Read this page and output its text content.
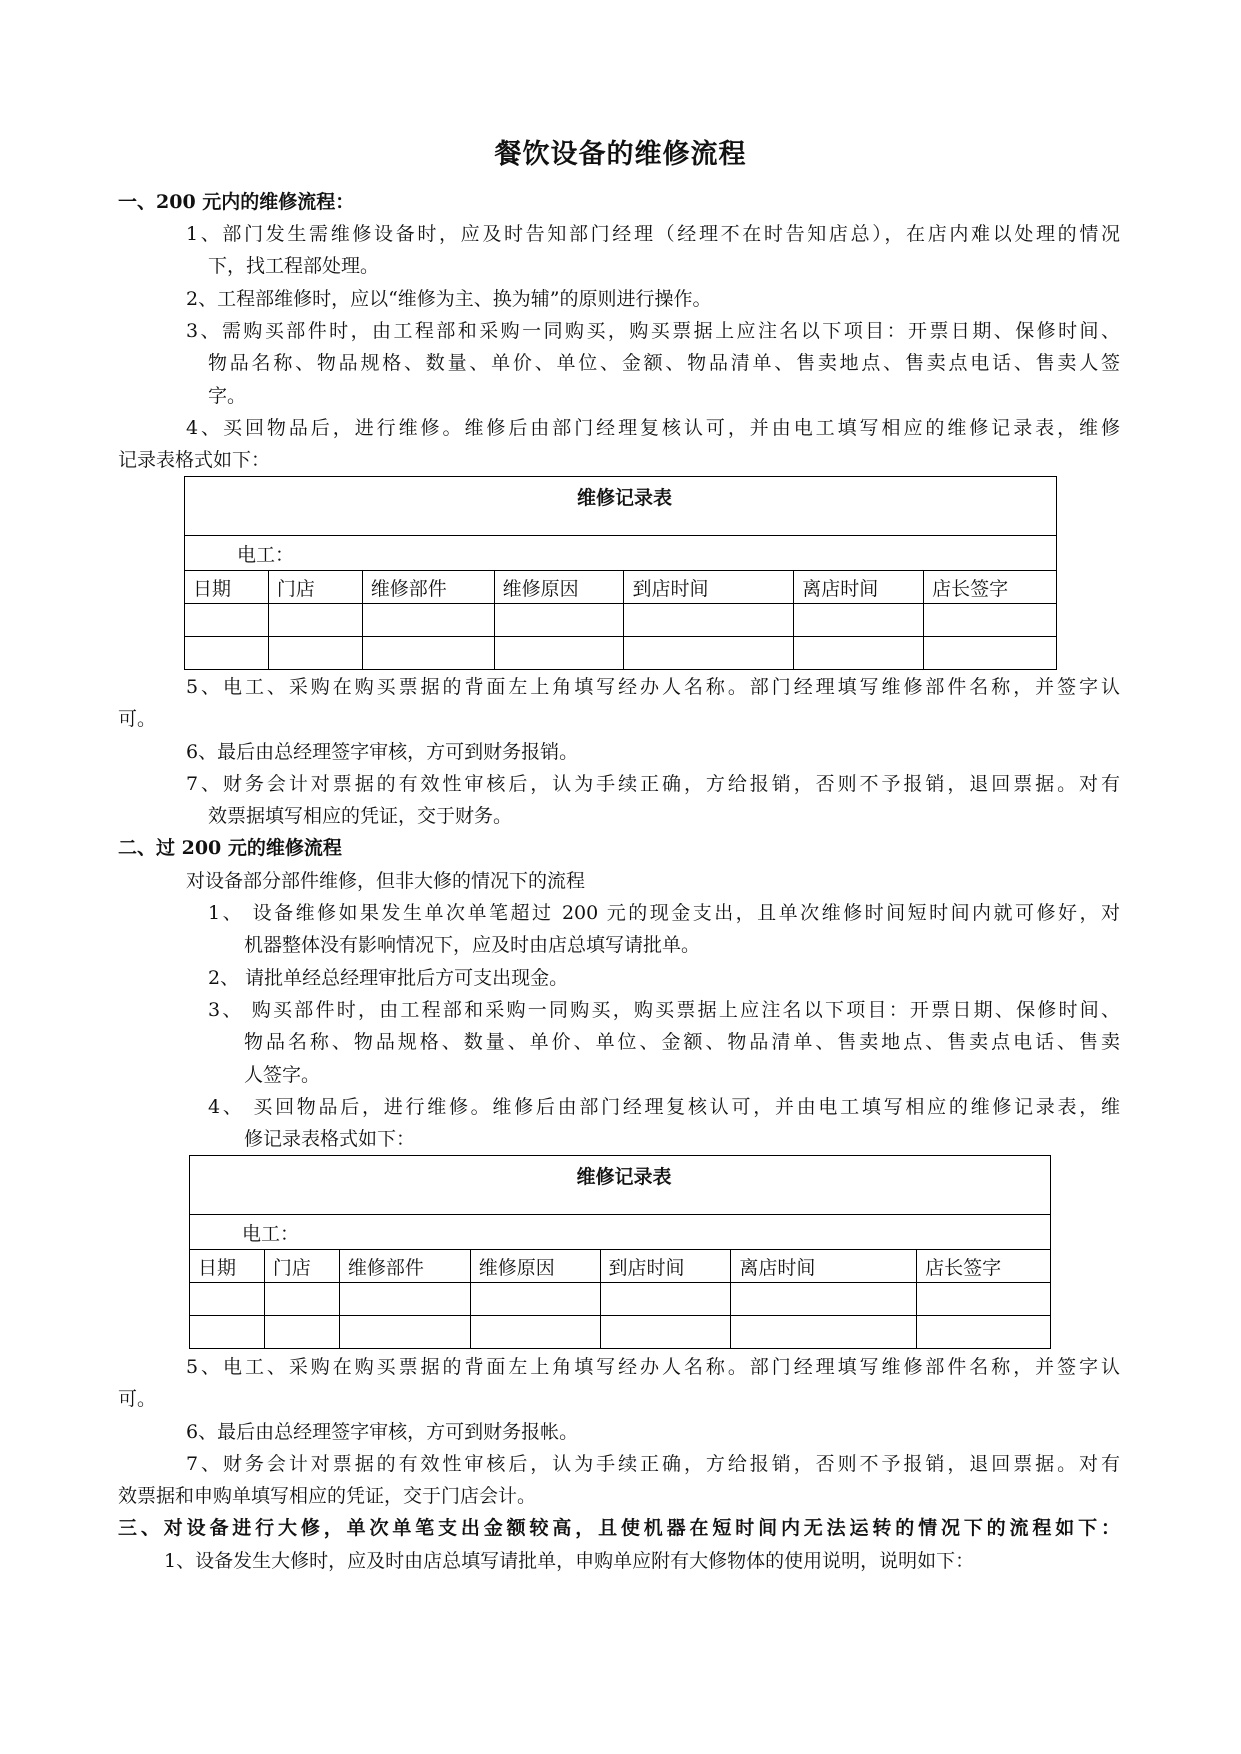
餐饮设备的维修流程
一、200 元内的维修流程：
1、部门发生需维修设备时，应及时告知部门经理（经理不在时告知店总），在店内难以处理的情况
下，找工程部处理。
2、工程部维修时，应以“维修为主、换为辅”的原则进行操作。
3、需购买部件时，由工程部和采购一同购买，购买票据上应注名以下项目：开票日期、保修时间、
物品名称、物品规格、数量、单价、单位、金额、物品清单、售卖地点、售卖点电话、售卖人签
字。
4、买回物品后，进行维修。维修后由部门经理复核认可，并由电工填写相应的维修记录表，维修
记录表格式如下：
维修记录表						
电工：						
日期	门店	维修部件	维修原因	到店时间	离店时间	店长签字

5、电工、采购在购买票据的背面左上角填写经办人名称。部门经理填写维修部件名称，并签字认
可。
6、最后由总经理签字审核，方可到财务报销。
7、财务会计对票据的有效性审核后，认为手续正确，方给报销，否则不予报销，退回票据。对有
效票据填写相应的凭证，交于财务。
二、过 200 元的维修流程
对设备部分部件维修，但非大修的情况下的流程
1、 设备维修如果发生单次单笔超过 200 元的现金支出，且单次维修时间短时间内就可修好，对
机器整体没有影响情况下，应及时由店总填写请批单。
2、 请批单经总经理审批后方可支出现金。
3、 购买部件时，由工程部和采购一同购买，购买票据上应注名以下项目：开票日期、保修时间、
物品名称、物品规格、数量、单价、单位、金额、物品清单、售卖地点、售卖点电话、售卖
人签字。
4、 买回物品后，进行维修。维修后由部门经理复核认可，并由电工填写相应的维修记录表，维
修记录表格式如下：
维修记录表						
电工：						
日期	门店	维修部件	维修原因	到店时间	离店时间	店长签字

5、电工、采购在购买票据的背面左上角填写经办人名称。部门经理填写维修部件名称，并签字认
可。
6、最后由总经理签字审核，方可到财务报帐。
7、财务会计对票据的有效性审核后，认为手续正确，方给报销，否则不予报销，退回票据。对有
效票据和申购单填写相应的凭证，交于门店会计。
三、对设备进行大修，单次单笔支出金额较高，且使机器在短时间内无法运转的情况下的流程如下：
1、设备发生大修时，应及时由店总填写请批单，申购单应附有大修物体的使用说明，说明如下：
